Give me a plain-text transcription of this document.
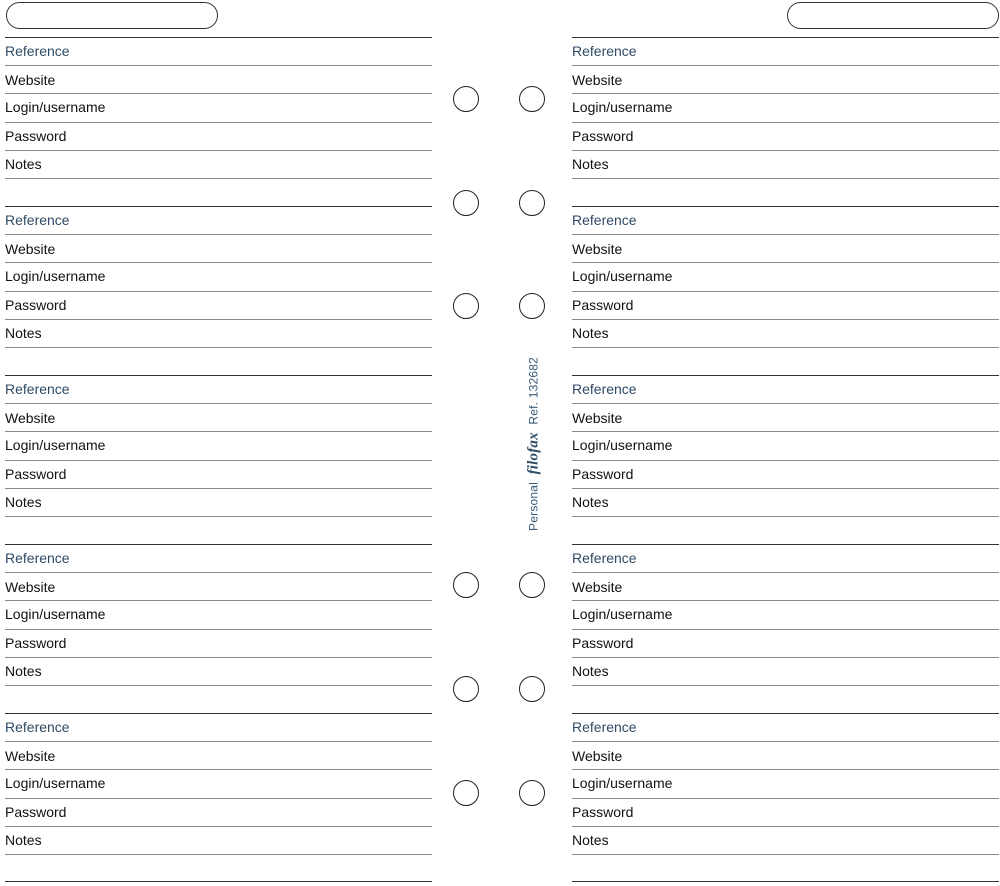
Reference
Website
Login/username
Password
Notes
Reference
Website
Login/username
Password
Notes
Reference
Website
Login/username
Password
Notes
Reference
Website
Login/username
Password
Notes
Reference
Website
Login/username
Password
Notes
Reference
Website
Login/username
Password
Notes
Reference
Website
Login/username
Password
Notes
Reference
Website
Login/username
Password
Notes
Reference
Website
Login/username
Password
Notes
Reference
Website
Login/username
Password
Notes
Personal filofax Ref. 132682
